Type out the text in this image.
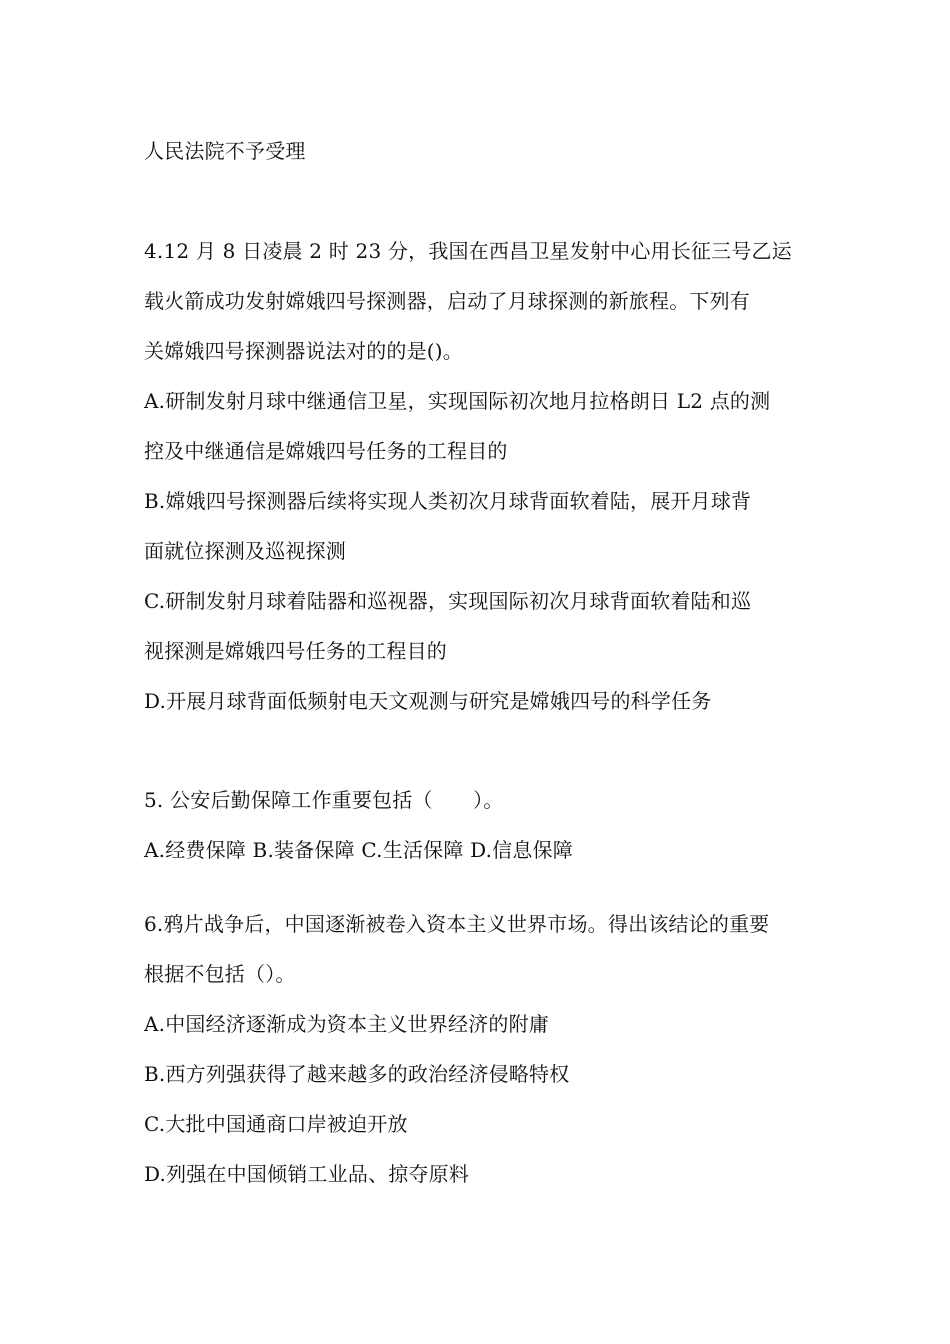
人民法院不予受理
4.12 月 8 日凌晨 2 时 23 分，我国在西昌卫星发射中心用长征三号乙运
载火箭成功发射嫦娥四号探测器，启动了月球探测的新旅程。下列有
关嫦娥四号探测器说法对的的是()。
A.研制发射月球中继通信卫星，实现国际初次地月拉格朗日 L2 点的测
控及中继通信是嫦娥四号任务的工程目的
B.嫦娥四号探测器后续将实现人类初次月球背面软着陆，展开月球背
面就位探测及巡视探测
C.研制发射月球着陆器和巡视器，实现国际初次月球背面软着陆和巡
视探测是嫦娥四号任务的工程目的
D.开展月球背面低频射电天文观测与研究是嫦娥四号的科学任务
5. 公安后勤保障工作重要包括（　　）。
A.经费保障 B.装备保障 C.生活保障 D.信息保障
6.鸦片战争后，中国逐渐被卷入资本主义世界市场。得出该结论的重要
根据不包括（）。
A.中国经济逐渐成为资本主义世界经济的附庸
B.西方列强获得了越来越多的政治经济侵略特权
C.大批中国通商口岸被迫开放
D.列强在中国倾销工业品、掠夺原料
